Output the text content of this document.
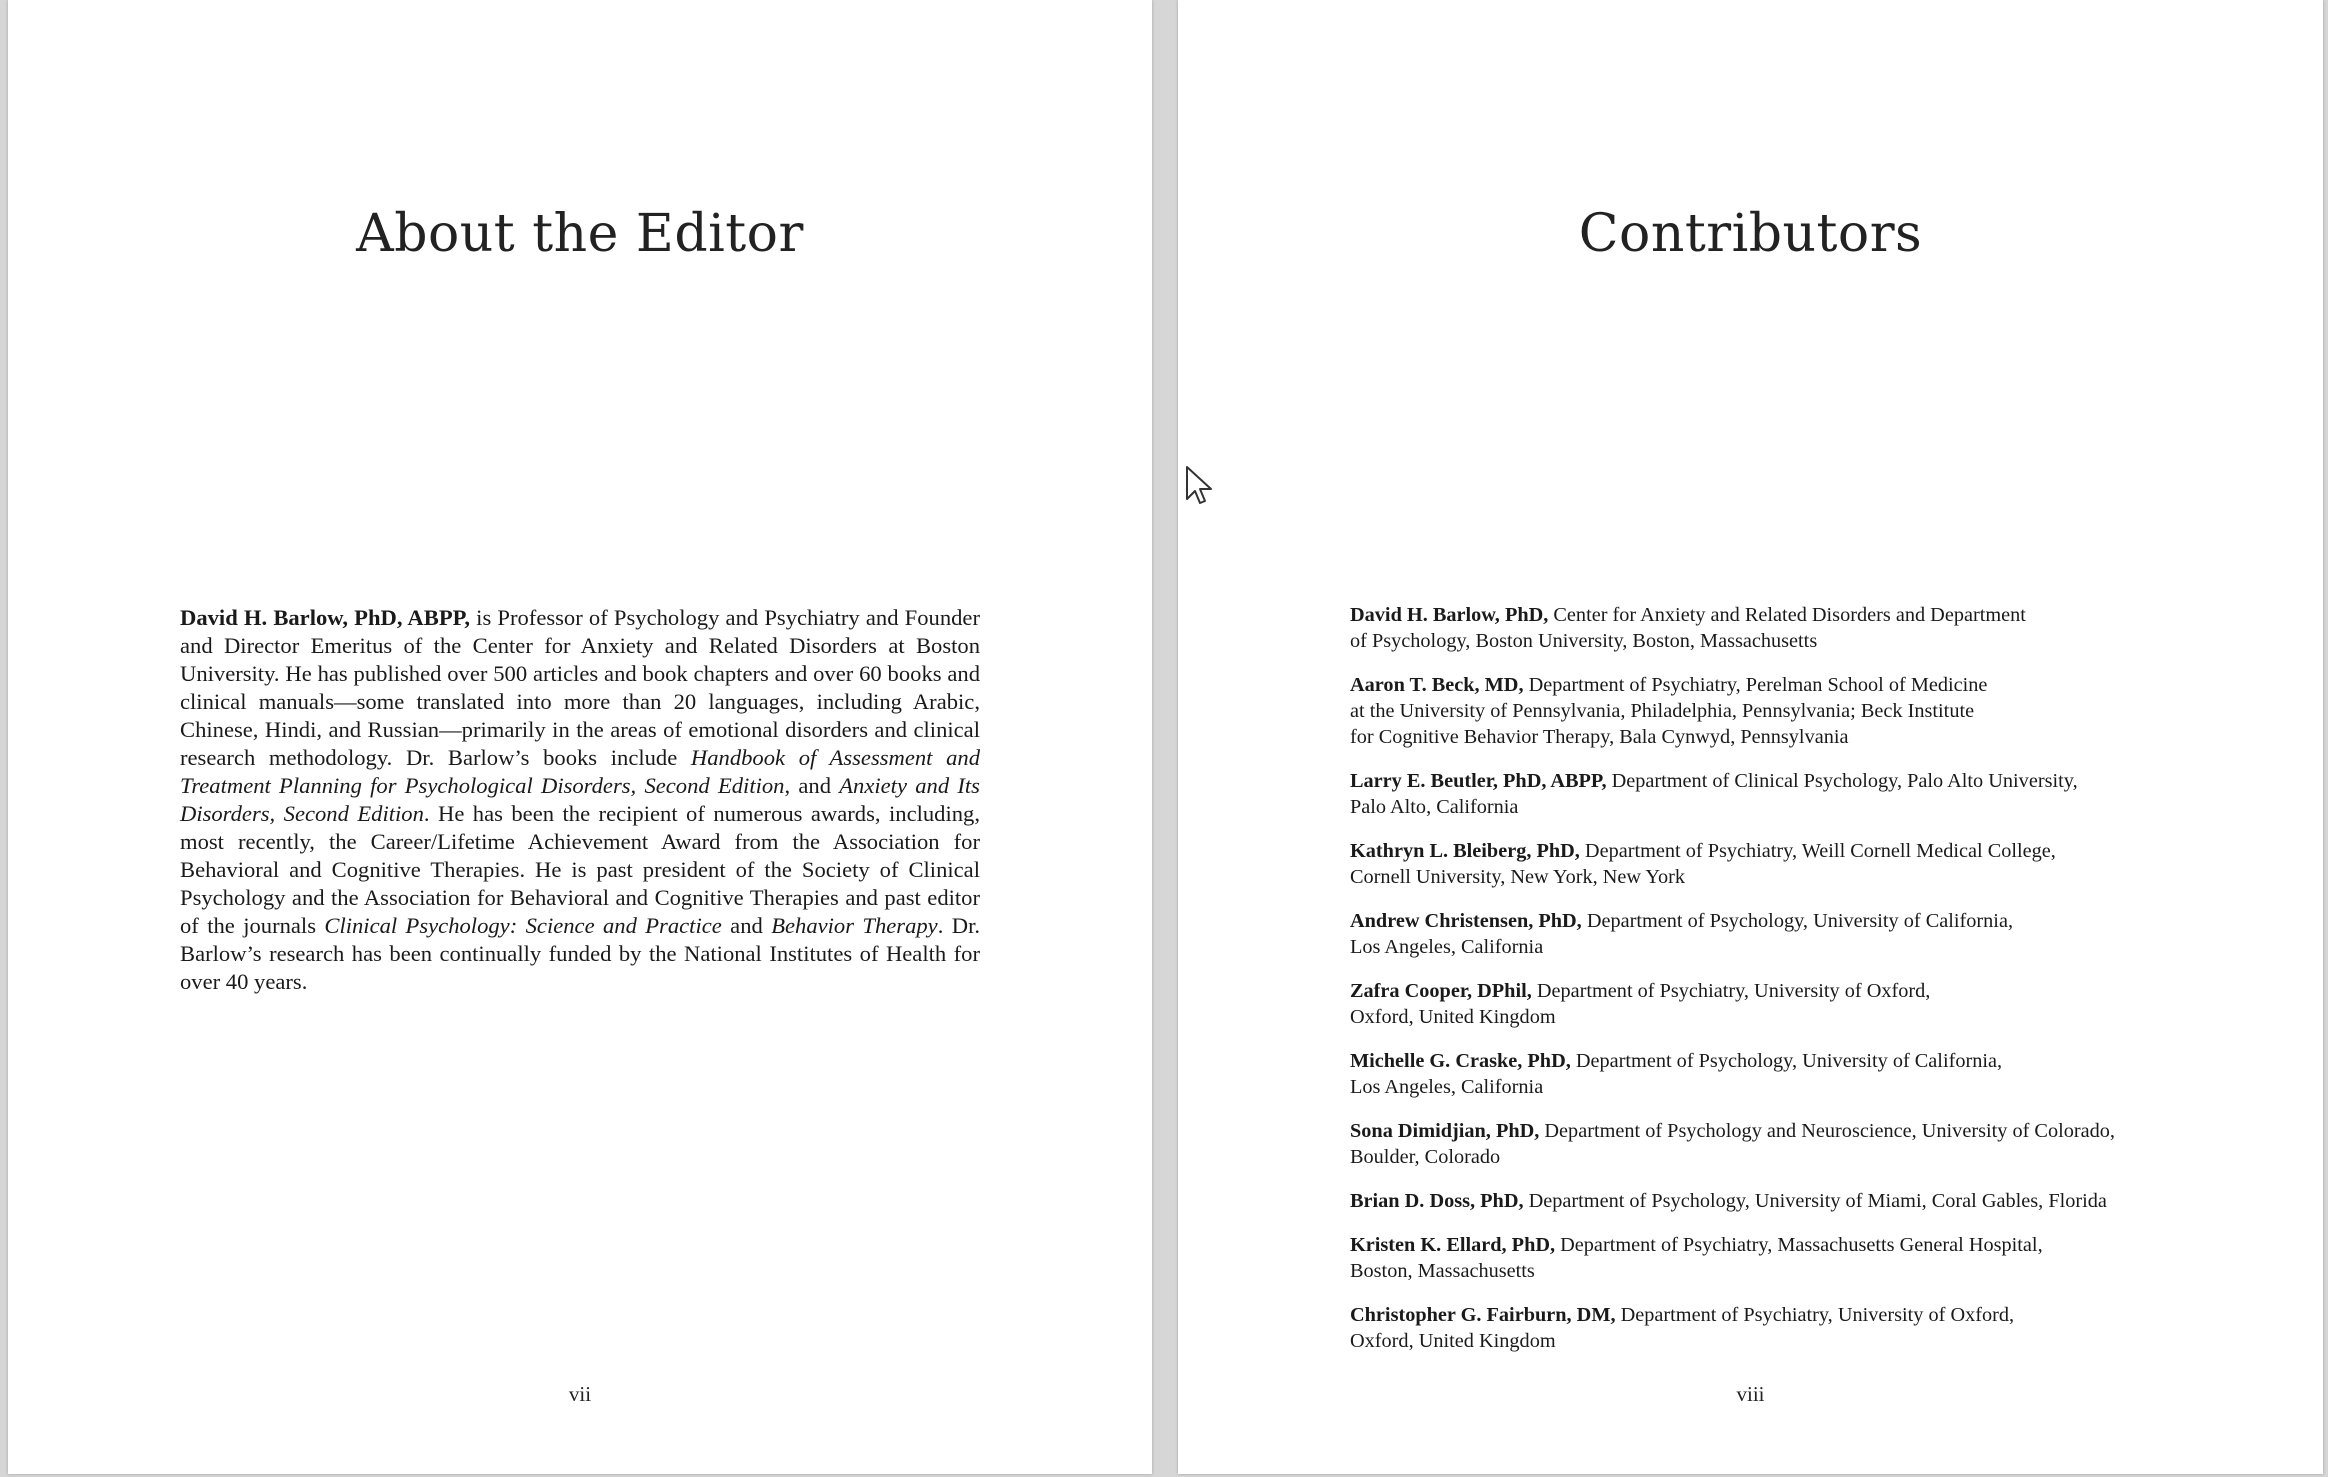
About the Editor

David H. Barlow, PhD, ABPP, is Professor of Psychology and Psychiatry and Founder and Director Emeritus of the Center for Anxiety and Related Disorders at Boston University. He has published over 500 articles and book chapters and over 60 books and clinical manuals—some translated into more than 20 languages, including Arabic, Chinese, Hindi, and Russian—primarily in the areas of emotional disorders and clinical research methodology. Dr. Barlow’s books include Handbook of Assessment and Treatment Planning for Psychological Disorders, Second Edition, and Anxiety and Its Disorders, Second Edition. He has been the recipient of numerous awards, including, most recently, the Career/Lifetime Achievement Award from the Association for Behavioral and Cognitive Therapies. He is past president of the Society of Clinical Psychology and the Association for Behavioral and Cognitive Therapies and past editor of the journals Clinical Psychology: Science and Practice and Behavior Therapy. Dr. Barlow’s research has been continually funded by the National Institutes of Health for over 40 years.

vii
Contributors
David H. Barlow, PhD, Center for Anxiety and Related Disorders and Department
of Psychology, Boston University, Boston, Massachusetts
Aaron T. Beck, MD, Department of Psychiatry, Perelman School of Medicine
at the University of Pennsylvania, Philadelphia, Pennsylvania; Beck Institute
for Cognitive Behavior Therapy, Bala Cynwyd, Pennsylvania
Larry E. Beutler, PhD, ABPP, Department of Clinical Psychology, Palo Alto University,
Palo Alto, California
Kathryn L. Bleiberg, PhD, Department of Psychiatry, Weill Cornell Medical College,
Cornell University, New York, New York
Andrew Christensen, PhD, Department of Psychology, University of California,
Los Angeles, California
Zafra Cooper, DPhil, Department of Psychiatry, University of Oxford,
Oxford, United Kingdom
Michelle G. Craske, PhD, Department of Psychology, University of California,
Los Angeles, California
Sona Dimidjian, PhD, Department of Psychology and Neuroscience, University of Colorado,
Boulder, Colorado
Brian D. Doss, PhD, Department of Psychology, University of Miami, Coral Gables, Florida
Kristen K. Ellard, PhD, Department of Psychiatry, Massachusetts General Hospital,
Boston, Massachusetts
Christopher G. Fairburn, DM, Department of Psychiatry, University of Oxford,
Oxford, United Kingdom
viii
